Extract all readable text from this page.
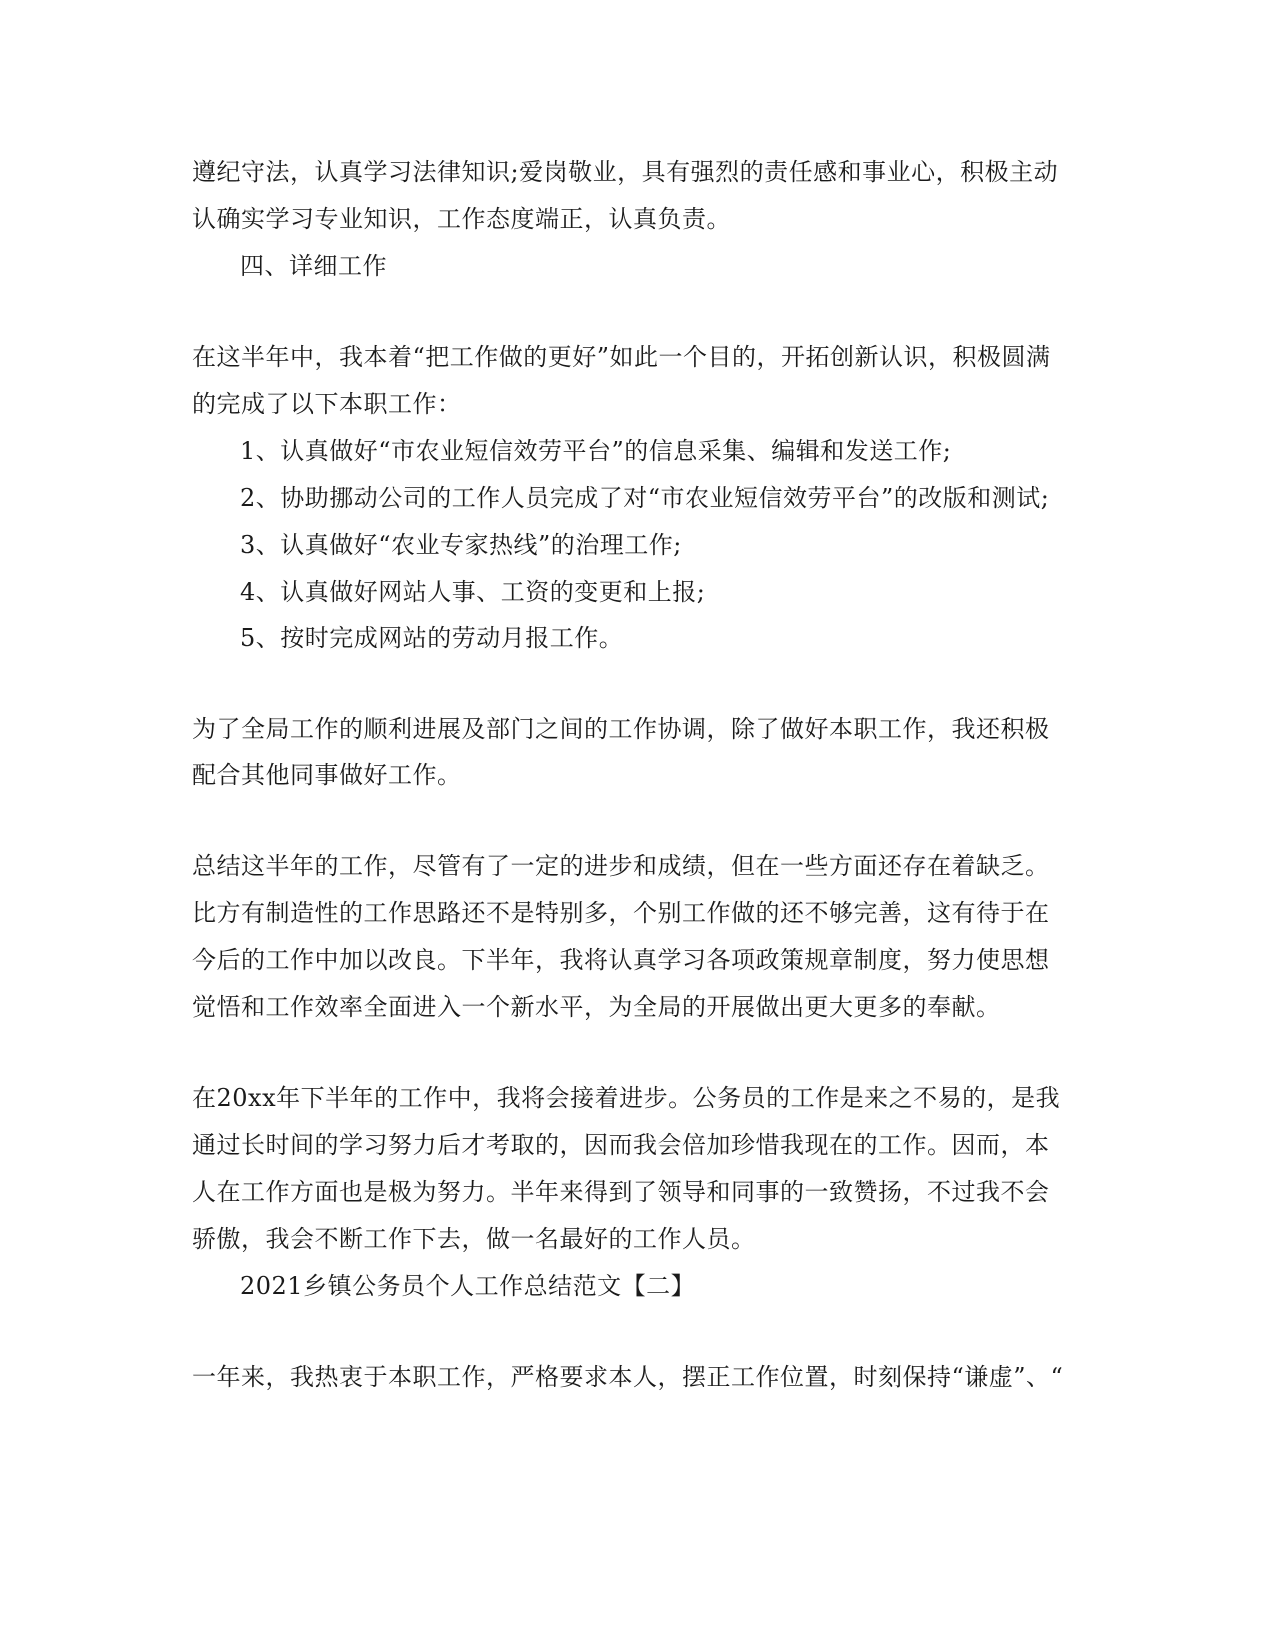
遵纪守法，认真学习法律知识;爱岗敬业，具有强烈的责任感和事业心，积极主动
认确实学习专业知识，工作态度端正，认真负责。
四、详细工作
在这半年中，我本着“把工作做的更好”如此一个目的，开拓创新认识，积极圆满
的完成了以下本职工作：
1、认真做好“市农业短信效劳平台”的信息采集、编辑和发送工作;
2、协助挪动公司的工作人员完成了对“市农业短信效劳平台”的改版和测试;
3、认真做好“农业专家热线”的治理工作;
4、认真做好网站人事、工资的变更和上报;
5、按时完成网站的劳动月报工作。
为了全局工作的顺利进展及部门之间的工作协调，除了做好本职工作，我还积极
配合其他同事做好工作。
总结这半年的工作，尽管有了一定的进步和成绩，但在一些方面还存在着缺乏。
比方有制造性的工作思路还不是特别多，个别工作做的还不够完善，这有待于在
今后的工作中加以改良。下半年，我将认真学习各项政策规章制度，努力使思想
觉悟和工作效率全面进入一个新水平，为全局的开展做出更大更多的奉献。
在20xx年下半年的工作中，我将会接着进步。公务员的工作是来之不易的，是我
通过长时间的学习努力后才考取的，因而我会倍加珍惜我现在的工作。因而，本
人在工作方面也是极为努力。半年来得到了领导和同事的一致赞扬，不过我不会
骄傲，我会不断工作下去，做一名最好的工作人员。
2021乡镇公务员个人工作总结范文【二】
一年来，我热衷于本职工作，严格要求本人，摆正工作位置，时刻保持“谦虚”、“
